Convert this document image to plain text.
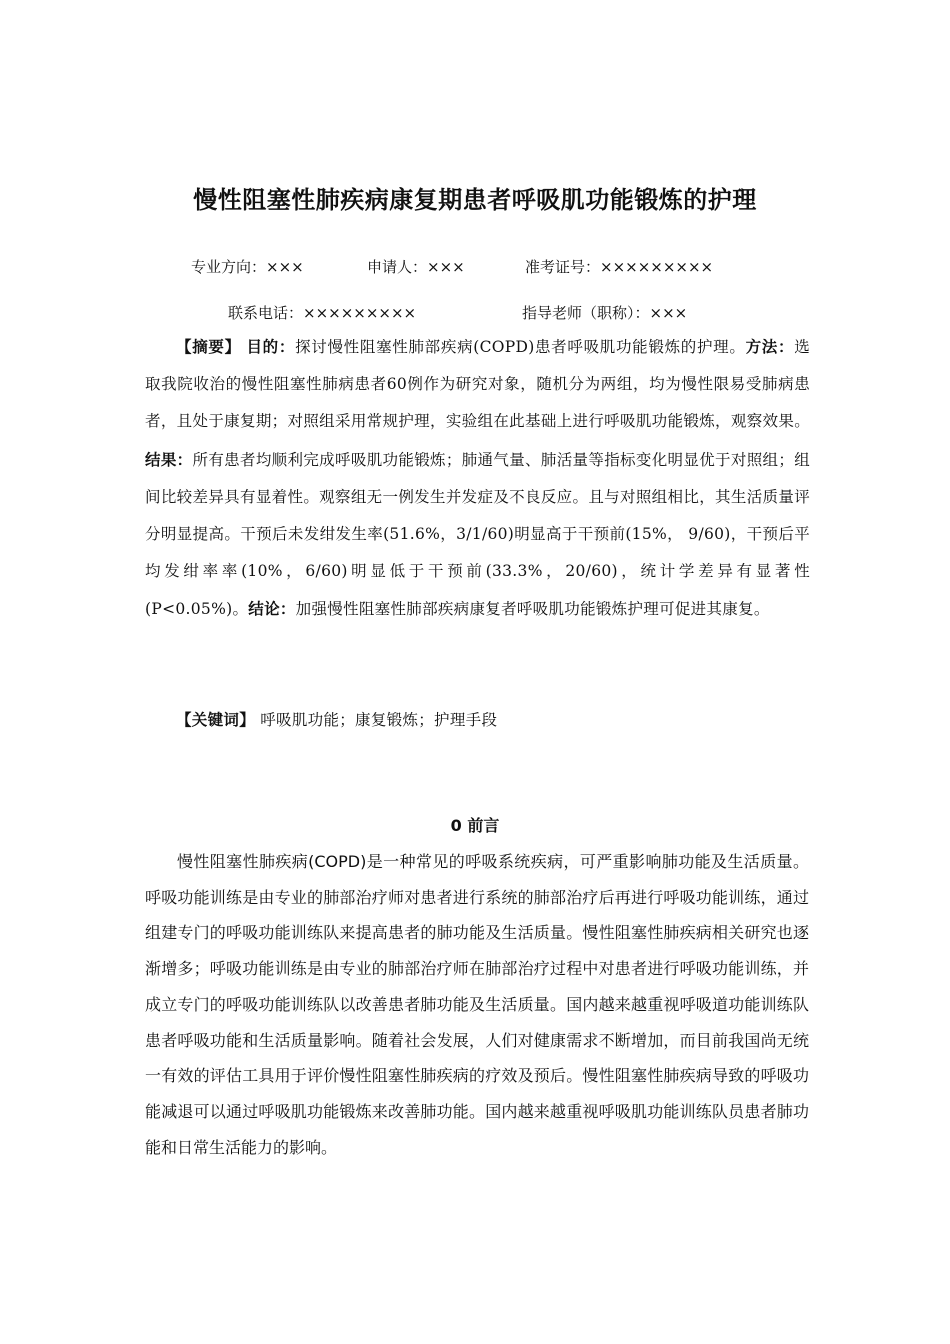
慢性阻塞性肺疾病康复期患者呼吸肌功能锻炼的护理
专业方向：×××	申请人：×××	准考证号：×××××××××
联系电话：×××××××××	指导老师（职称）：×××
【摘要】 目的：探讨慢性阻塞性肺部疾病(COPD)患者呼吸肌功能锻炼的护理。方法：选取我院收治的慢性阻塞性肺病患者60例作为研究对象，随机分为两组，均为慢性限易受肺病患者，且处于康复期；对照组采用常规护理，实验组在此基础上进行呼吸肌功能锻炼，观察效果。结果：所有患者均顺利完成呼吸肌功能锻炼；肺通气量、肺活量等指标变化明显优于对照组；组间比较差异具有显着性。观察组无一例发生并发症及不良反应。且与对照组相比，其生活质量评分明显提高。干预后未发绀发生率(51.6%，3/1/60)明显高于干预前(15%， 9/60)，干预后平均发绀率率(10%，6/60)明显低于干预前(33.3%，20/60)，统计学差异有显著性(P<0.05%)。结论：加强慢性阻塞性肺部疾病康复者呼吸肌功能锻炼护理可促进其康复。
【关键词】 呼吸肌功能；康复锻炼；护理手段
0 前言
慢性阻塞性肺疾病(COPD)是一种常见的呼吸系统疾病，可严重影响肺功能及生活质量。呼吸功能训练是由专业的肺部治疗师对患者进行系统的肺部治疗后再进行呼吸功能训练，通过组建专门的呼吸功能训练队来提高患者的肺功能及生活质量。慢性阻塞性肺疾病相关研究也逐渐增多；呼吸功能训练是由专业的肺部治疗师在肺部治疗过程中对患者进行呼吸功能训练，并成立专门的呼吸功能训练队以改善患者肺功能及生活质量。国内越来越重视呼吸道功能训练队患者呼吸功能和生活质量影响。随着社会发展，人们对健康需求不断增加，而目前我国尚无统一有效的评估工具用于评价慢性阻塞性肺疾病的疗效及预后。慢性阻塞性肺疾病导致的呼吸功能减退可以通过呼吸肌功能锻炼来改善肺功能。国内越来越重视呼吸肌功能训练队员患者肺功能和日常生活能力的影响。
